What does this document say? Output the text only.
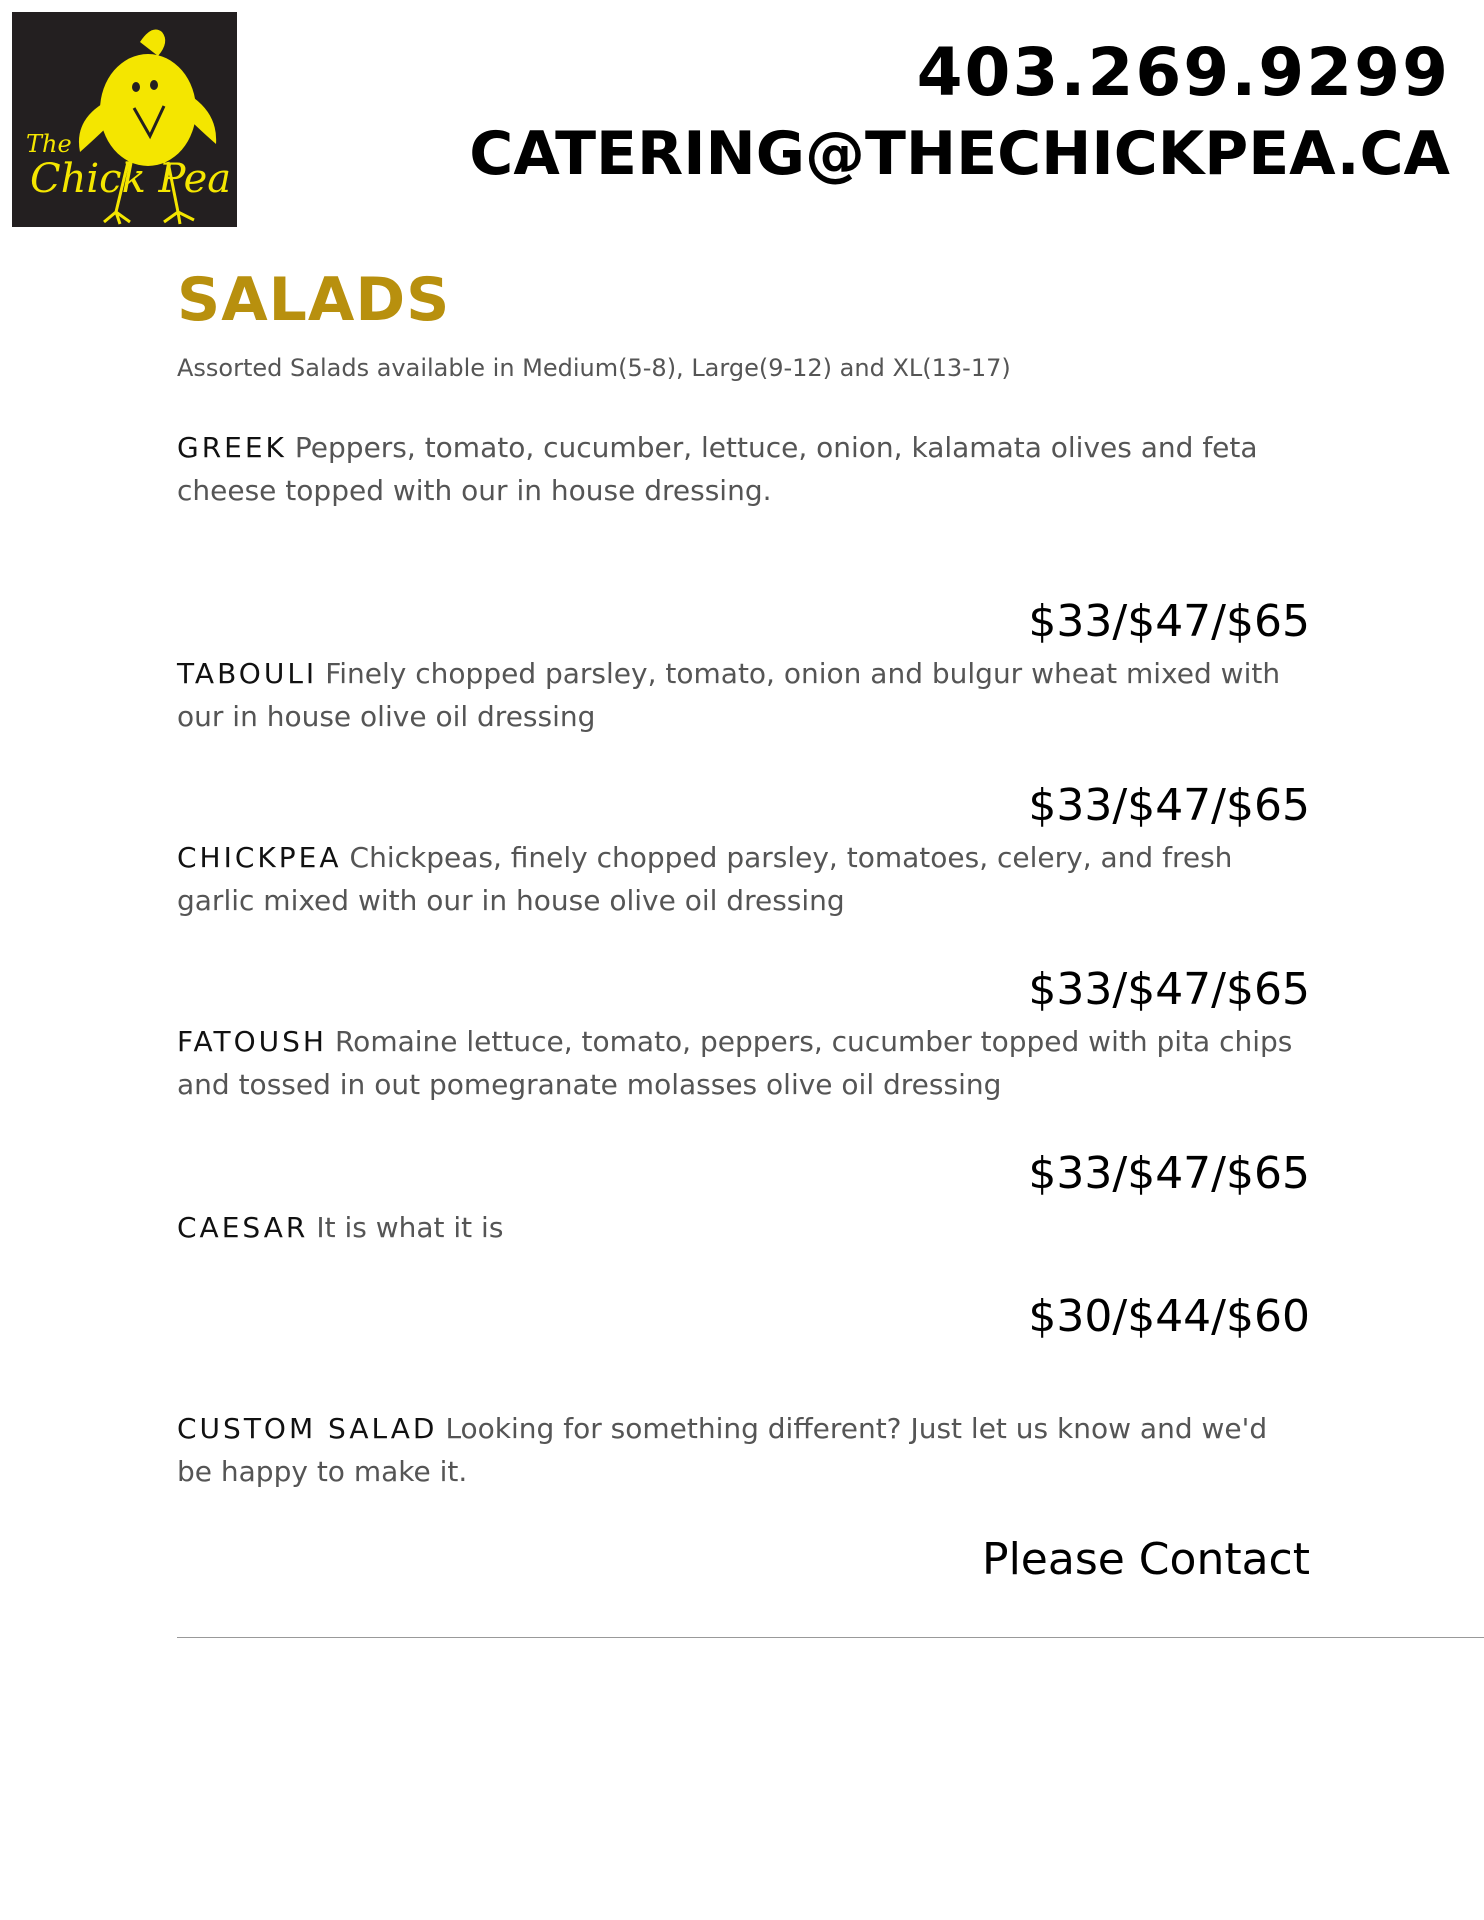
The
Chick Pea
403.269.9299
CATERING@THECHICKPEA.CA
SALADS

Assorted Salads available in Medium(5-8), Large(9-12) and XL(13-17)

GREEK Peppers, tomato, cucumber, lettuce, onion, kalamata olives and feta cheese topped with our in house dressing.
$33/$47/$65
TABOULI Finely chopped parsley, tomato, onion and bulgur wheat mixed with our in house olive oil dressing
$33/$47/$65
CHICKPEA Chickpeas, finely chopped parsley, tomatoes, celery, and fresh garlic mixed with our in house olive oil dressing
$33/$47/$65
FATOUSH Romaine lettuce, tomato, peppers, cucumber topped with pita chips and tossed in out pomegranate molasses olive oil dressing
$33/$47/$65
CAESAR It is what it is
$30/$44/$60
CUSTOM SALAD Looking for something different? Just let us know and we'd be happy to make it.
Please Contact
